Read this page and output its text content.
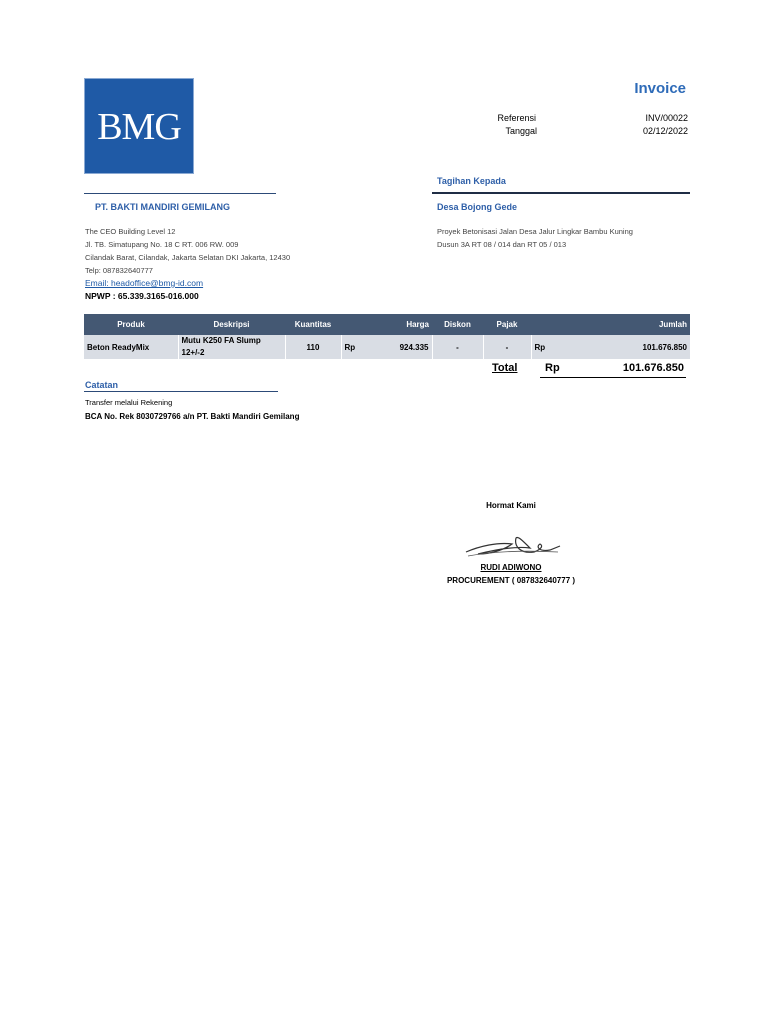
BMG
Invoice
Referensi	INV/00022
Tanggal	02/12/2022
PT. BAKTI MANDIRI GEMILANG
The CEO Building Level 12
Jl. TB. Simatupang No. 18 C RT. 006 RW. 009
Cilandak Barat, Cilandak, Jakarta Selatan DKI Jakarta, 12430
Telp: 087832640777
Email: headoffice@bmg-id.com
NPWP : 65.339.3165-016.000
Tagihan Kepada
Desa Bojong Gede
Proyek Betonisasi Jalan Desa Jalur Lingkar Bambu Kuning
Dusun 3A RT 08 / 014 dan RT 05 / 013
Produk	Deskripsi	Kuantitas	Harga		Diskon	Pajak	Jumlah	
Beton ReadyMix	Mutu K250 FA Slump
12+/-2	110	Rp	924.335	-	-	Rp	101.676.850
Total	Rp	101.676.850
Catatan
Transfer melalui Rekening
BCA No. Rek 8030729766 a/n PT. Bakti Mandiri Gemilang
Hormat Kami
RUDI ADIWONO
PROCUREMENT ( 087832640777 )
